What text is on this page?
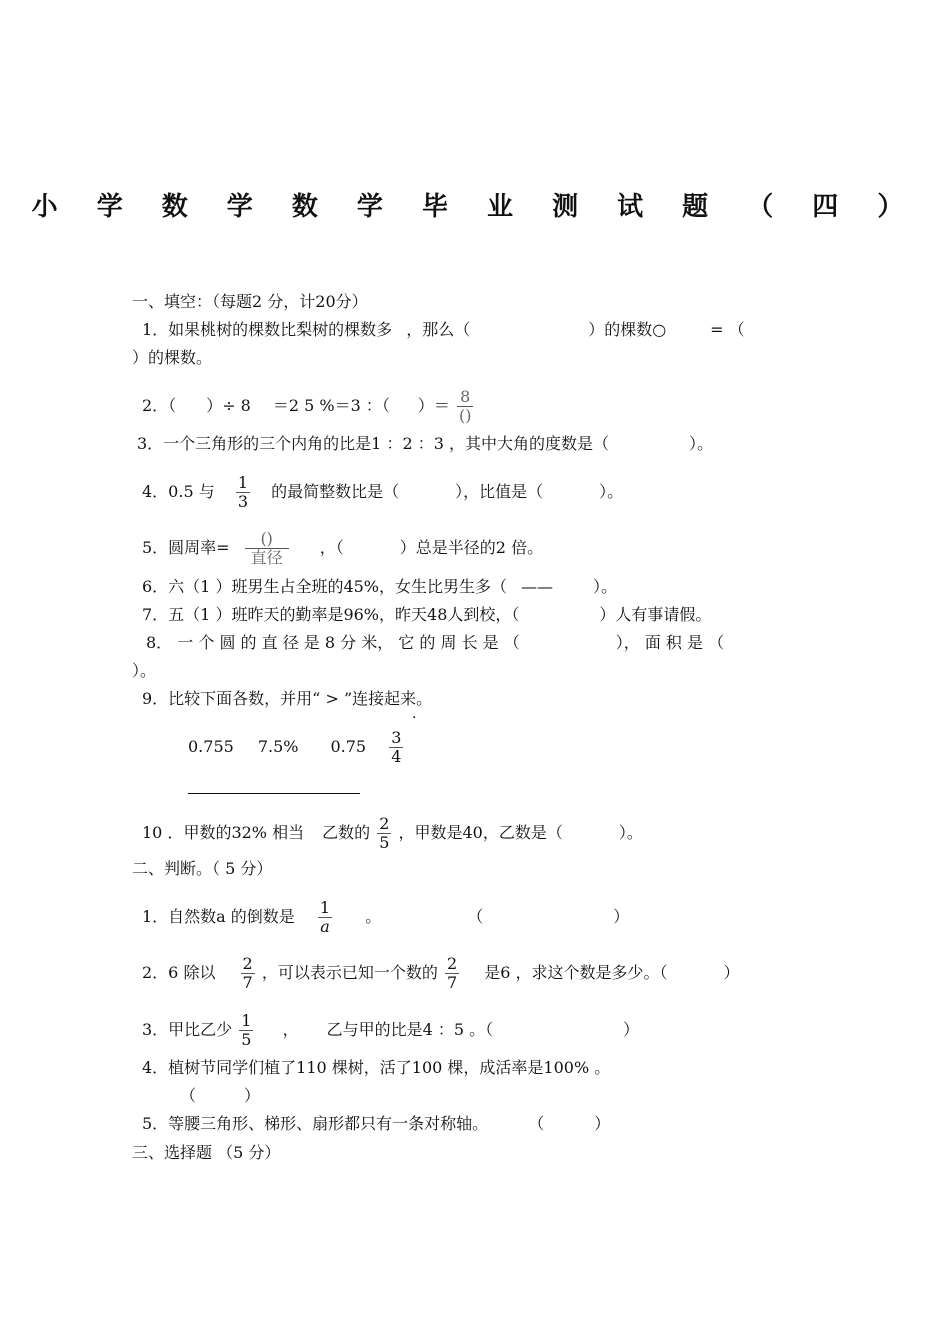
小 学 数 学 数 学 毕 业 测 试 题 （ 四 ）
一、填空：（每题2 分，计20分）
1．如果桃树的棵数比梨树的棵数多 ，那么（	）的棵数○	= （
）的棵数。
2．（ ）÷ 8 ＝2 5 %＝3 ：（ ）＝ $\frac{8}{()}$
3．一个三角形的三个内角的比是1 ：2 ：3 ，其中大角的度数是（	）。
4．0.5 与 $\frac{1}{3}$ 的最简整数比是（	），比值是（	）。
5．圆周率= $\frac{()}{\text{直径}}$ ，（	）总是半径的2 倍。
6．六（1 ）班男生占全班的45%，女生比男生多（ ——	）。
7．五（1 ）班昨天的勤率是96%，昨天48人到校，（	）人有事请假。
8． 一 个 圆 的 直 径 是 8 分 米， 它 的 周 长 是 （	）， 面 积 是 （
）。
9．比较下面各数，并用“ > ”连接起来。
0.755 7.5% $0.75 \frac{3}{4}$
·
10 ．甲数的32% 相当 乙数的 $\frac{2}{5}$ ，甲数是40，乙数是（	）。
二、判断。（ 5 分）
1．自然数a 的倒数是 $\frac{1}{a}$ 。	（	）
2．6 除以 $\frac{2}{7}$ ，可以表示已知一个数的 $\frac{2}{7}$ 是6 ，求这个数是多少。（	）
3．甲比乙少 $\frac{1}{5}$ ， 乙与甲的比是4 ：5 。（	）
4．植树节同学们植了110 棵树，活了100 棵，成活率是100% 。
（	）
5．等腰三角形、梯形、扇形都只有一条对称轴。	（	）
三、选择题 （5 分）
